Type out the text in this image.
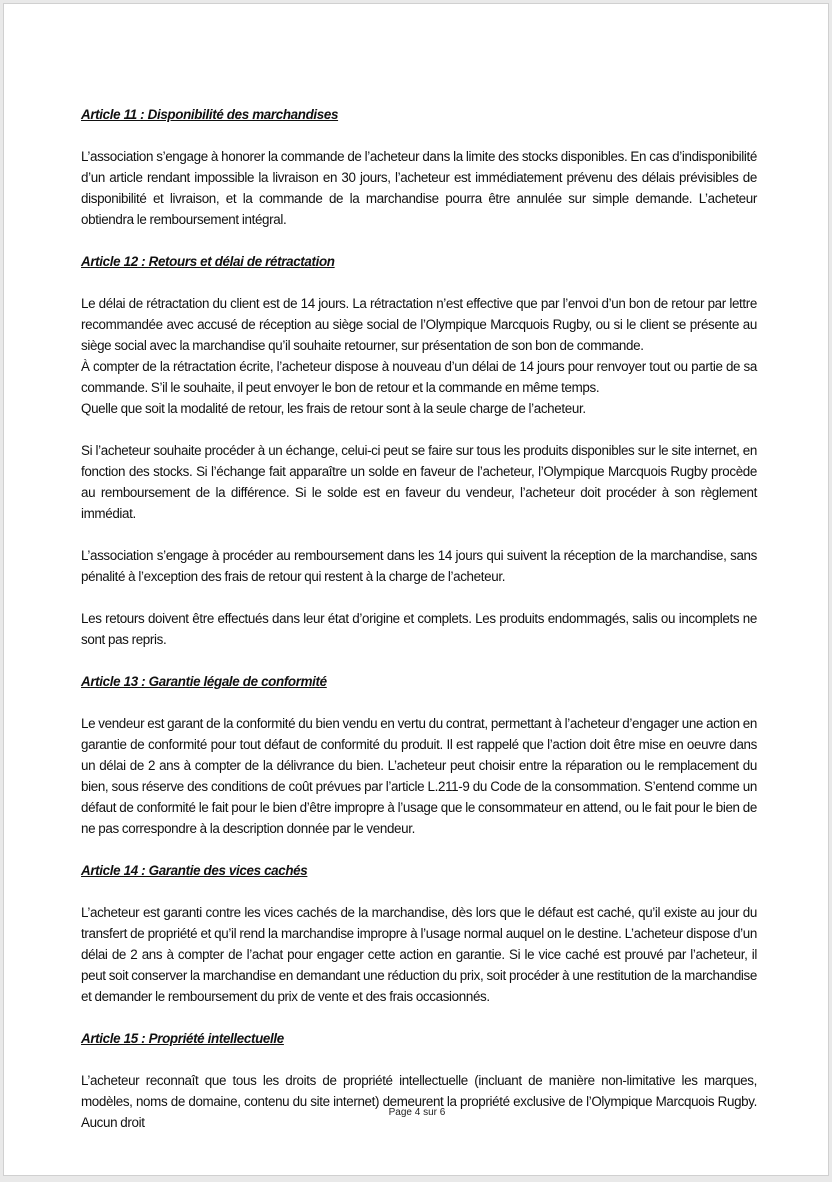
Article 11 : Disponibilité des marchandises

L’association s’engage à honorer la commande de l’acheteur dans la limite des stocks disponibles. En cas d’indisponibilité d’un article rendant impossible la livraison en 30 jours, l’acheteur est immédiatement prévenu des délais prévisibles de disponibilité et livraison, et la commande de la marchandise pourra être annulée sur simple demande. L’acheteur obtiendra le remboursement intégral.

Article 12 : Retours et délai de rétractation

Le délai de rétractation du client est de 14 jours. La rétractation n’est effective que par l’envoi d’un bon de retour par lettre recommandée avec accusé de réception au siège social de l’Olympique Marcquois Rugby, ou si le client se présente au siège social avec la marchandise qu’il souhaite retourner, sur présentation de son bon de commande.

À compter de la rétractation écrite, l’acheteur dispose à nouveau d’un délai de 14 jours pour renvoyer tout ou partie de sa commande. S’il le souhaite, il peut envoyer le bon de retour et la commande en même temps.

Quelle que soit la modalité de retour, les frais de retour sont à la seule charge de l’acheteur.

Si l’acheteur souhaite procéder à un échange, celui-ci peut se faire sur tous les produits disponibles sur le site internet, en fonction des stocks. Si l’échange fait apparaître un solde en faveur de l’acheteur, l’Olympique Marcquois Rugby procède au remboursement de la différence. Si le solde est en faveur du vendeur, l’acheteur doit procéder à son règlement immédiat.

L’association s’engage à procéder au remboursement dans les 14 jours qui suivent la réception de la marchandise, sans pénalité à l’exception des frais de retour qui restent à la charge de l’acheteur.

Les retours doivent être effectués dans leur état d’origine et complets. Les produits endommagés, salis ou incomplets ne sont pas repris.

Article 13 : Garantie légale de conformité

Le vendeur est garant de la conformité du bien vendu en vertu du contrat, permettant à l’acheteur d’engager une action en garantie de conformité pour tout défaut de conformité du produit. Il est rappelé que l’action doit être mise en oeuvre dans un délai de 2 ans à compter de la délivrance du bien. L’acheteur peut choisir entre la réparation ou le remplacement du bien, sous réserve des conditions de coût prévues par l’article L.211-9 du Code de la consommation. S’entend comme un défaut de conformité le fait pour le bien d’être impropre à l’usage que le consommateur en attend, ou le fait pour le bien de ne pas correspondre à la description donnée par le vendeur.

Article 14 : Garantie des vices cachés

L’acheteur est garanti contre les vices cachés de la marchandise, dès lors que le défaut est caché, qu’il existe au jour du transfert de propriété et qu’il rend la marchandise impropre à l’usage normal auquel on le destine. L’acheteur dispose d’un délai de 2 ans à compter de l’achat pour engager cette action en garantie. Si le vice caché est prouvé par l’acheteur, il peut soit conserver la marchandise en demandant une réduction du prix, soit procéder à une restitution de la marchandise et demander le remboursement du prix de vente et des frais occasionnés.

Article 15 : Propriété intellectuelle

L’acheteur reconnaît que tous les droits de propriété intellectuelle (incluant de manière non-limitative les marques, modèles, noms de domaine, contenu du site internet) demeurent la propriété exclusive de l’Olympique Marcquois Rugby. Aucun droit

Page 4 sur 6
